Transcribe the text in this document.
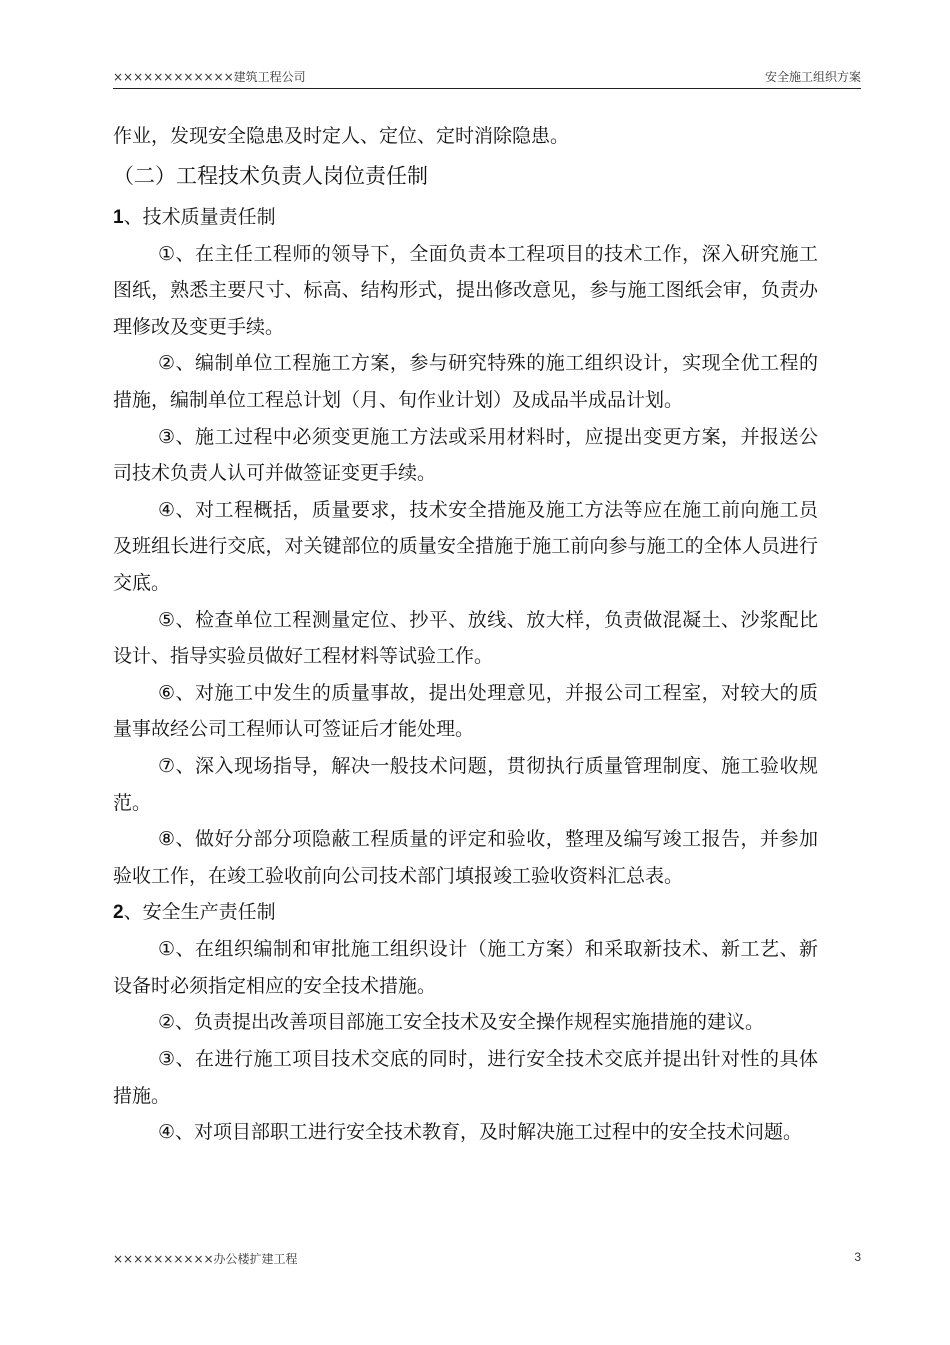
××××××××××××建筑工程公司	安全施工组织方案

作业，发现安全隐患及时定人、定位、定时消除隐患。

（二）工程技术负责人岗位责任制

1、技术质量责任制

①、在主任工程师的领导下，全面负责本工程项目的技术工作，深入研究施工图纸，熟悉主要尺寸、标高、结构形式，提出修改意见，参与施工图纸会审，负责办理修改及变更手续。

②、编制单位工程施工方案，参与研究特殊的施工组织设计，实现全优工程的措施，编制单位工程总计划（月、旬作业计划）及成品半成品计划。

③、施工过程中必须变更施工方法或采用材料时，应提出变更方案，并报送公司技术负责人认可并做签证变更手续。

④、对工程概括，质量要求，技术安全措施及施工方法等应在施工前向施工员及班组长进行交底，对关键部位的质量安全措施于施工前向参与施工的全体人员进行交底。

⑤、检查单位工程测量定位、抄平、放线、放大样，负责做混凝土、沙浆配比设计、指导实验员做好工程材料等试验工作。

⑥、对施工中发生的质量事故，提出处理意见，并报公司工程室，对较大的质量事故经公司工程师认可签证后才能处理。

⑦、深入现场指导，解决一般技术问题，贯彻执行质量管理制度、施工验收规范。

⑧、做好分部分项隐蔽工程质量的评定和验收，整理及编写竣工报告，并参加验收工作，在竣工验收前向公司技术部门填报竣工验收资料汇总表。

2、安全生产责任制

①、在组织编制和审批施工组织设计（施工方案）和采取新技术、新工艺、新设备时必须指定相应的安全技术措施。

②、负责提出改善项目部施工安全技术及安全操作规程实施措施的建议。

③、在进行施工项目技术交底的同时，进行安全技术交底并提出针对性的具体措施。

④、对项目部职工进行安全技术教育，及时解决施工过程中的安全技术问题。

××××××××××办公楼扩建工程	3
